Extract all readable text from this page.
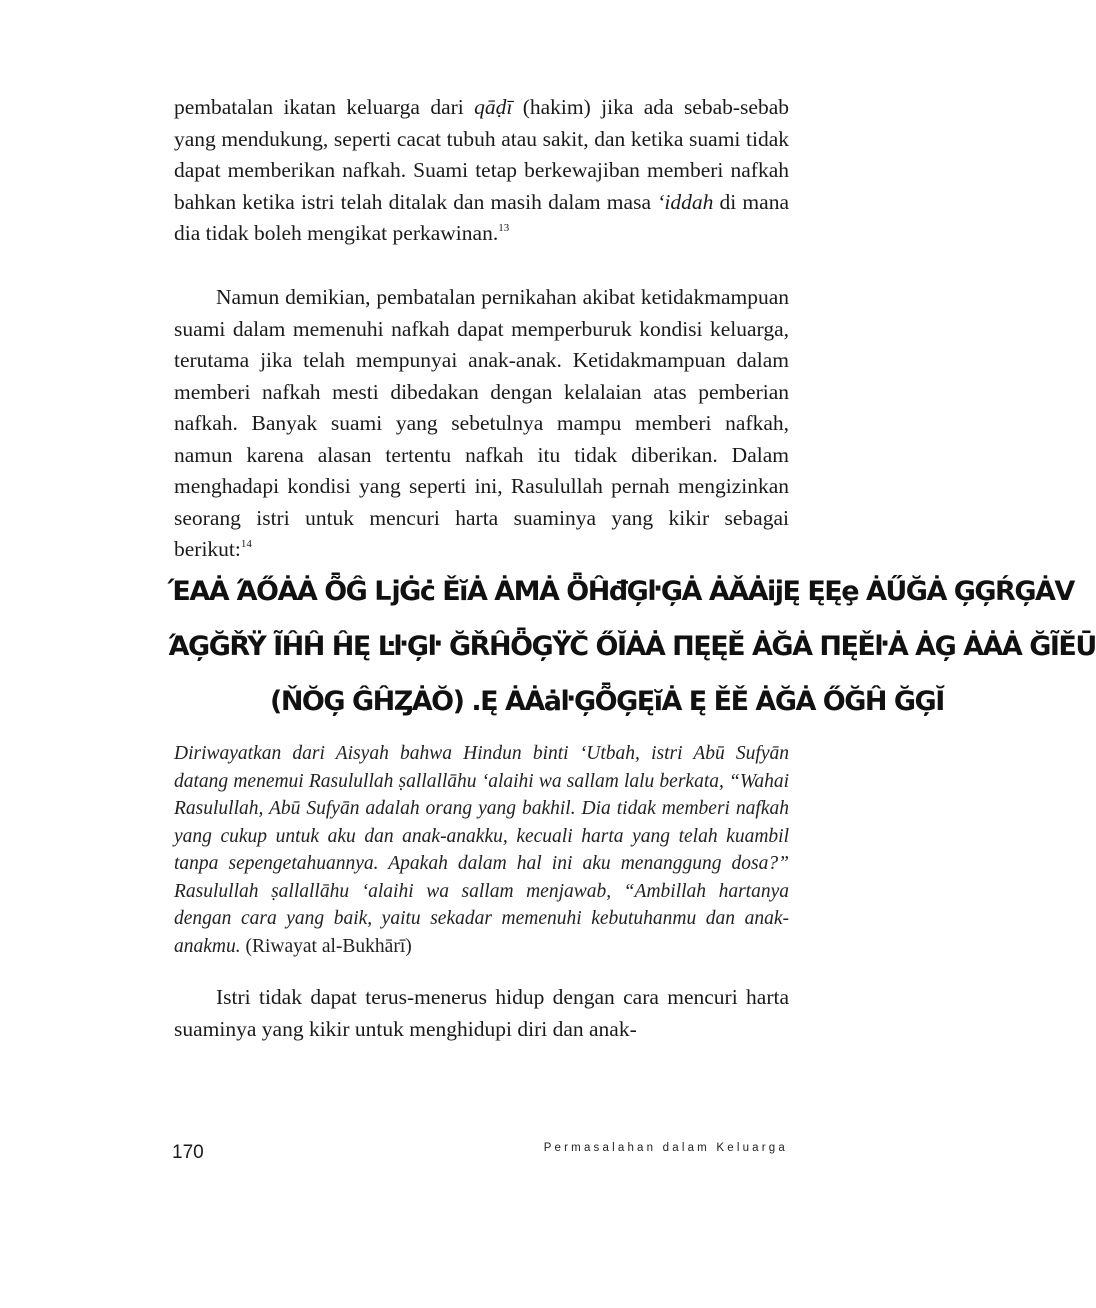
pembatalan ikatan keluarga dari qāḍī (hakim) jika ada sebab-sebab yang mendukung, seperti cacat tubuh atau sakit, dan ketika suami tidak dapat memberikan nafkah. Suami tetap berkewajiban memberi nafkah bahkan ketika istri telah ditalak dan masih dalam masa ‘iddah di mana dia tidak boleh mengikat perkawinan.$^{13}$

Namun demikian, pembatalan pernikahan akibat ketidakmampuan suami dalam memenuhi nafkah dapat memperburuk kondisi keluarga, terutama jika telah mempunyai anak-anak. Ketidakmampuan dalam memberi nafkah mesti dibedakan dengan kelalaian atas pemberian nafkah. Banyak suami yang sebetulnya mampu memberi nafkah, namun karena alasan tertentu nafkah itu tidak diberikan. Dalam menghadapi kondisi yang seperti ini, Rasulullah pernah mengizinkan seorang istri untuk mencuri harta suaminya yang kikir sebagai berikut:$^{14}$

ΈΑȦ ΆŐȦȦ ȬĜ ǈĠċ ĚĭȦ ȦMȦ ȪĤđĢŀĢȦ ȦǍȦijĘ ĘĘȩ ȦŰĞȦ ĢĢŔĢȦV

ΆĢĞŘŸ ĨĤĤ ĤĘ ĿŀĢŀ ĞŘĤȪĢŸČ ŐĬȦȦ ΠĘĘĚ ȦĞȦ ΠĘĚŀȦ ȦĢ ȦȦȦ ĞĨĚŪ

(ŇŎĢ ĜĤȤȦŎ) .Ę ȦȦȧŀĢȬĢĘĭȦ Ę ĚĚ ȦĞȦ ŐĞĤ ĞĢĬ

Diriwayatkan dari Aisyah bahwa Hindun binti ‘Utbah, istri Abū Sufyān datang menemui Rasulullah ṣallallāhu ‘alaihi wa sallam lalu berkata, “Wahai Rasulullah, Abū Sufyān adalah orang yang bakhil. Dia tidak memberi nafkah yang cukup untuk aku dan anak-anakku, kecuali harta yang telah kuambil tanpa sepengetahuannya. Apakah dalam hal ini aku menanggung dosa?” Rasulullah ṣallallāhu ‘alaihi wa sallam menjawab, “Ambillah hartanya dengan cara yang baik, yaitu sekadar memenuhi kebutuhanmu dan anak-anakmu. (Riwayat al-Bukhārī)

Istri tidak dapat terus-menerus hidup dengan cara mencuri harta suaminya yang kikir untuk menghidupi diri dan anak-

170	Permasalahan dalam Keluarga
